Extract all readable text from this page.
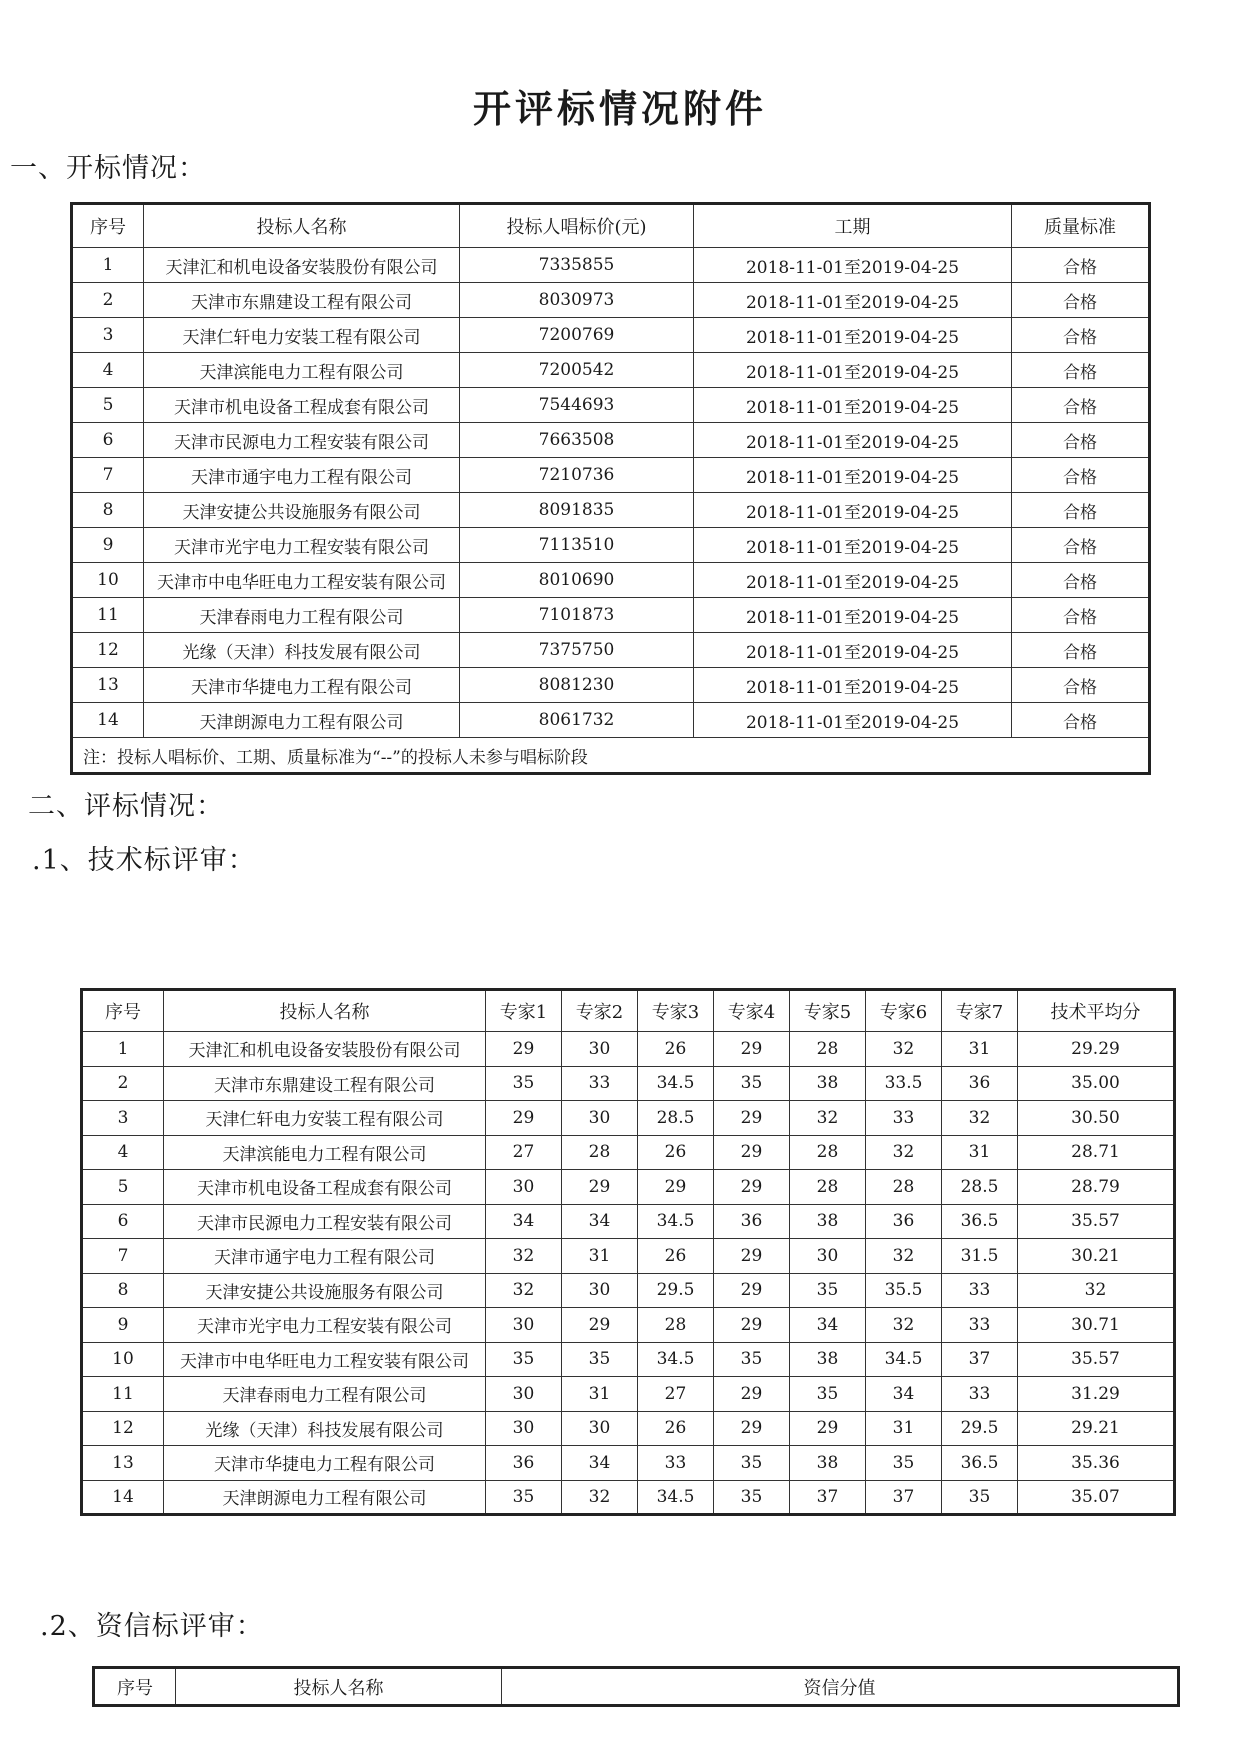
开评标情况附件
一、开标情况：
序号	投标人名称	投标人唱标价(元)	工期	质量标准
1	天津汇和机电设备安装股份有限公司	7335855	2018-11-01至2019-04-25	合格
2	天津市东鼎建设工程有限公司	8030973	2018-11-01至2019-04-25	合格
3	天津仁轩电力安装工程有限公司	7200769	2018-11-01至2019-04-25	合格
4	天津滨能电力工程有限公司	7200542	2018-11-01至2019-04-25	合格
5	天津市机电设备工程成套有限公司	7544693	2018-11-01至2019-04-25	合格
6	天津市民源电力工程安装有限公司	7663508	2018-11-01至2019-04-25	合格
7	天津市通宇电力工程有限公司	7210736	2018-11-01至2019-04-25	合格
8	天津安捷公共设施服务有限公司	8091835	2018-11-01至2019-04-25	合格
9	天津市光宇电力工程安装有限公司	7113510	2018-11-01至2019-04-25	合格
10	天津市中电华旺电力工程安装有限公司	8010690	2018-11-01至2019-04-25	合格
11	天津春雨电力工程有限公司	7101873	2018-11-01至2019-04-25	合格
12	光缘（天津）科技发展有限公司	7375750	2018-11-01至2019-04-25	合格
13	天津市华捷电力工程有限公司	8081230	2018-11-01至2019-04-25	合格
14	天津朗源电力工程有限公司	8061732	2018-11-01至2019-04-25	合格
注：投标人唱标价、工期、质量标准为“--”的投标人未参与唱标阶段				
二、评标情况：
.1、技术标评审：
序号	投标人名称	专家1	专家2	专家3	专家4	专家5	专家6	专家7	技术平均分
1	天津汇和机电设备安装股份有限公司	29	30	26	29	28	32	31	29.29
2	天津市东鼎建设工程有限公司	35	33	34.5	35	38	33.5	36	35.00
3	天津仁轩电力安装工程有限公司	29	30	28.5	29	32	33	32	30.50
4	天津滨能电力工程有限公司	27	28	26	29	28	32	31	28.71
5	天津市机电设备工程成套有限公司	30	29	29	29	28	28	28.5	28.79
6	天津市民源电力工程安装有限公司	34	34	34.5	36	38	36	36.5	35.57
7	天津市通宇电力工程有限公司	32	31	26	29	30	32	31.5	30.21
8	天津安捷公共设施服务有限公司	32	30	29.5	29	35	35.5	33	32
9	天津市光宇电力工程安装有限公司	30	29	28	29	34	32	33	30.71
10	天津市中电华旺电力工程安装有限公司	35	35	34.5	35	38	34.5	37	35.57
11	天津春雨电力工程有限公司	30	31	27	29	35	34	33	31.29
12	光缘（天津）科技发展有限公司	30	30	26	29	29	31	29.5	29.21
13	天津市华捷电力工程有限公司	36	34	33	35	38	35	36.5	35.36
14	天津朗源电力工程有限公司	35	32	34.5	35	37	37	35	35.07
.2、资信标评审：
序号	投标人名称	资信分值
